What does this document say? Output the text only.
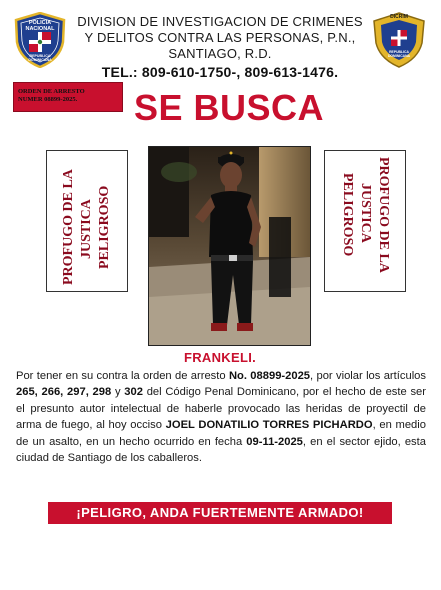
POLICIA
NACIONAL
REPUBLICA DOMINICANA
DIVISION DE INVESTIGACION DE CRIMENES
Y DELITOS CONTRA LAS PERSONAS, P.N.,
SANTIAGO, R.D.
TEL.: 809-610-1750-, 809-613-1476.
DICRIM
REPUBLICA DOMINICANA
ORDEN DE ARRESTO
NUMER 08899-2025.	SE BUSCA
PROFUGO DE LA JUSTICA PELIGROSO	PROFUGO DE LA
JUSTICA
PELIGROSO
FRANKELI.
Por tener en su contra la orden de arresto No. 08899-2025, por violar los artículos 265, 266, 297, 298 y 302 del Código Penal Dominicano, por el hecho de este ser el presunto autor intelectual de haberle provocado las heridas de proyectil de arma de fuego, al hoy occiso JOEL DONATILIO TORRES PICHARDO, en medio de un asalto, en un hecho ocurrido en fecha 09-11-2025, en el sector ejido, esta ciudad de Santiago de los caballeros.
¡PELIGRO, ANDA FUERTEMENTE ARMADO!
